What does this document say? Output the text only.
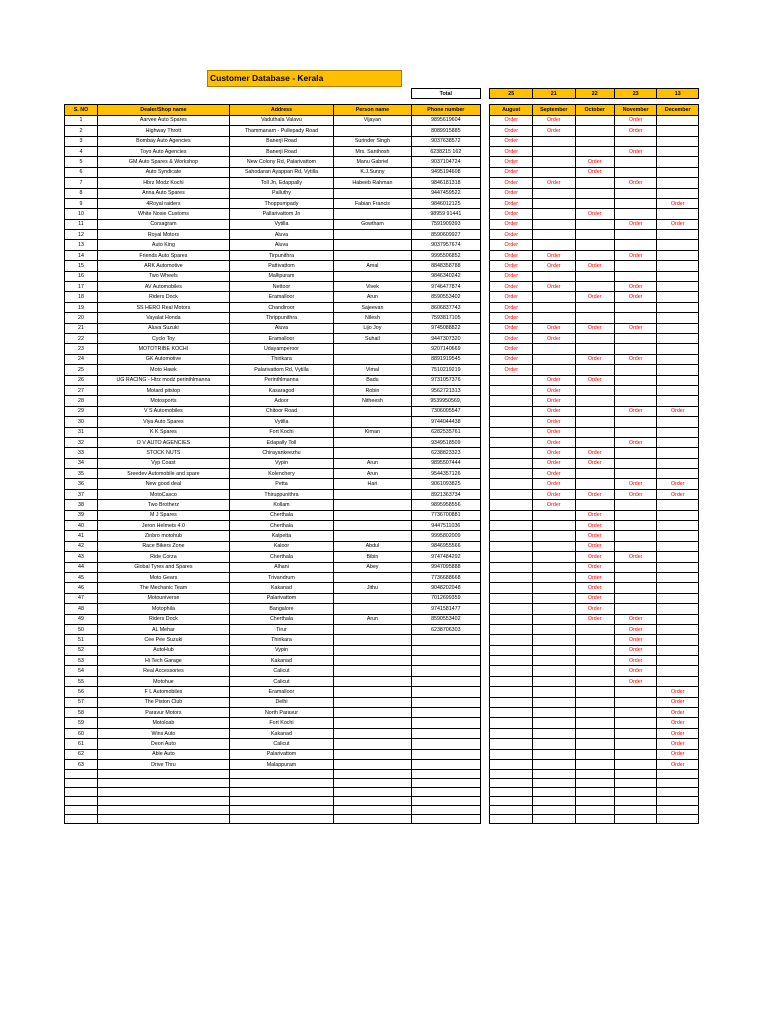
Customer Database - Kerala
				Total		25	21	22	23	13

S. NO	Dealer/Shop name	Address	Person name	Phone number		August	September	October	November	December
1	Aarvee Auto Spares	Vaduthala Valavu	Vijayan	9895619604		Order	Order		Order	
2	Highway Thrott	Thammanam - Pullepady Road		8089915885		Order	Order		Order	
3	Bombay Auto Agencies	Banerji Road	Surinder Singh	9037638572		Order				
4	Toyo Auto Agencies	Banerji Road	Mrs. Santhosh	6238215 162		Order			Order	
5	GM Auto Spares & Workshop	New Colony Rd, Palarivattom	Manu Gabriel	9037104724		Order		Order		
6	Auto Syndicate	Sahodaran Ayappan Rd, Vytilla	K.J.Sunny	9495194608		Order		Order		
7	Hbrz Modz Kochi	Toll Jn, Edappally	Habeeb Rahman	9846181318		Order	Order		Order	
8	Anna Auto Spares	Palluthy		9447459522		Order				
9	4Royal raiders	Thoppumpady	Fabian Francis	9846012125		Order				Order
10	White Nosie Customs	Pallarivattom Jn		98959 91441		Order		Order		
11	Corsagram	Vytilla	Gowtham	7591909393		Order			Order	Order
12	Royal Motors	Aluva		8590609927		Order				
13	Auto King	Aluva		9037957674		Order				
14	Friends Auto Spares	Tirpunithra		9995506852		Order	Order		Order	
15	ARK Automotive	Pattivattom	Amal	8848358788		Order	Order	Order		
16	Two Wheels	Mallipuram		9846340242		Order				
17	AV Automobiles	Nettoor	Vivek	9746477874		Order	Order		Order	
18	Riders Dock	Eramalloor	Arun	8590553402		Order		Order	Order	
19	SS HERO Real Motors	Chandiroor	Sajeevan	8606837743		Order				
20	Vayalat Honda	Thrippunithra	Nilesh	7593817105		Order				
21	Aluva Suzuki	Aluva	Lijo Joy	9745088822		Order	Order	Order	Order	
22	Cyclo Toy	Eramalloor	Suhail	9447307320		Order	Order			
23	MOTOTRIBE KOCHI	Udayamperoor		9207140669		Order				
24	GK Automotive	Thirikara		8891919545		Order		Order	Order	
25	Moto Hawk	Palarivattom Rd, Vytilla	Vimal	7510219219		Order				
26	UG RACING - Htrz modz perinthlmanna	Perinthlmanna	Badu	9731057376			Order	Order		
27	Motard pitstop	Kasaragod	Robin	9562721313			Order			
28	Motosports	Adoor	Nitheesh	9539950569,			Order			
29	V S Automobiles	Chitoor Road		7306005547			Order		Order	Order
30	Viya Auto Spares	Vytilla		9744044438			Order			
31	K K Spares	Fort Kochi	Kirnan	6282535761			Order			
32	O V AUTO AGENCIES	Edapally Toll		9349518509			Order		Order	
33	STOCK NUTS	Chirayankeezhu		6238823323			Order	Order		
34	Vyp Coast	Vypin	Arun	9895507444			Order	Order		
35	Sreedev Automobile and spare	Kolenchery	Arun	9544357126			Order			
36	New good deal	Petta	Hari	9061093825			Order		Order	Order
37	MotoCasco	Thiruppunithra		8921363734			Order	Order	Order	Order
38	Two Brotherz	Kollam		9895958556			Order			
39	M J Spares	Cherthala		7736700881				Order		
40	Jeron Helmets 4.0	Cherthala		9447511036				Order		
41	Zinbro motohub	Kalpetta		9995802009				Order		
42	Race Bikers Zone	Kaloor	Abdul	9846955566				Order		
43	Ride Corza	Cherthala	Bibin	9747484292				Order	Order	
44	Global Tyres and Spares	Alhani	Abey	9947095888				Order		
45	Moto Gears	Trivandrum		7736688668				Order		
46	The Mechanic Team	Kakanad	Jithu	9048202048				Order		
47	Motouniverse	Palarivattom		7012699359				Order		
48	Motophila	Bangalore		9741581477				Order		
49	Riders Dock	Cherthala	Arun	8590553402				Order	Order	
50	AL Mehar	Tirur		6238706303					Order	
51	Cee Pee Suzuki	Thirikara							Order	
52	AutoHub	Vypin							Order	
53	Hi Tech Garage	Kakanad							Order	
54	Real Accessories	Calicut							Order	
55	Motohue	Calicut							Order	
56	F L Automobiles	Eramalloor								Order
57	The Piston Club	Delhi								Order
58	Paravur Motors	North Paravur								Order
59	Motoloab	Fort Kochi								Order
60	Wins Auto	Kakanad								Order
61	Deon Auto	Calicut								Order
62	Able Auto	Palarivattom								Order
63	Drive Thru	Malappuram								Order
